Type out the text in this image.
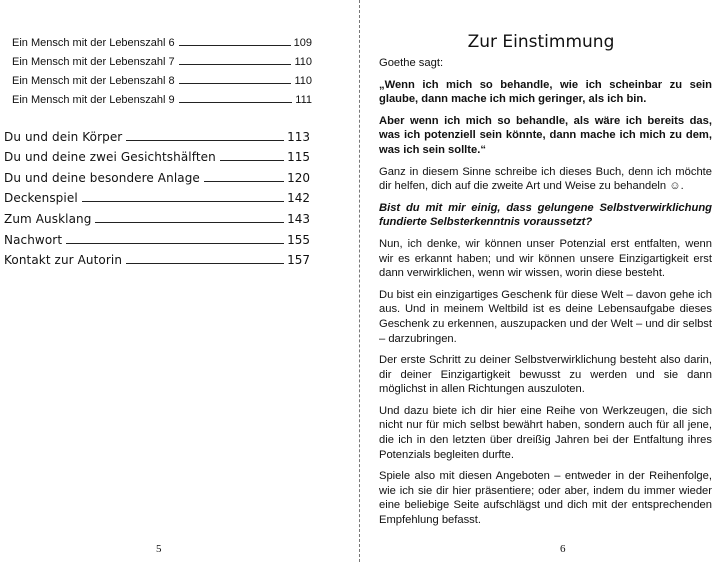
Ein Mensch mit der Lebenszahl 6	109
Ein Mensch mit der Lebenszahl 7	110
Ein Mensch mit der Lebenszahl 8	110
Ein Mensch mit der Lebenszahl 9	111
Du und dein Körper	113
Du und deine zwei Gesichtshälften	115
Du und deine besondere Anlage	120
Deckenspiel	142
Zum Ausklang	143
Nachwort	155
Kontakt zur Autorin	157
5
Zur Einstimmung

Goethe sagt:

„Wenn ich mich so behandle, wie ich scheinbar zu sein glaube, dann mache ich mich geringer, als ich bin.

Aber wenn ich mich so behandle, als wäre ich bereits das, was ich potenziell sein könnte, dann mache ich mich zu dem, was ich sein sollte.“

Ganz in diesem Sinne schreibe ich dieses Buch, denn ich möchte dir helfen, dich auf die zweite Art und Weise zu behandeln ☺.

Bist du mit mir einig, dass gelungene Selbstverwirklichung fundierte Selbsterkenntnis voraussetzt?

Nun, ich denke, wir können unser Potenzial erst entfalten, wenn wir es erkannt haben; und wir können unsere Einzigartigkeit erst dann verwirklichen, wenn wir wissen, worin diese besteht.

Du bist ein einzigartiges Geschenk für diese Welt – davon gehe ich aus. Und in meinem Weltbild ist es deine Lebensaufgabe dieses Geschenk zu erkennen, auszupacken und der Welt – und dir selbst – darzubringen.

Der erste Schritt zu deiner Selbstverwirklichung besteht also darin, dir deiner Einzigartigkeit bewusst zu werden und sie dann möglichst in allen Richtungen auszuloten.

Und dazu biete ich dir hier eine Reihe von Werkzeugen, die sich nicht nur für mich selbst bewährt haben, sondern auch für all jene, die ich in den letzten über dreißig Jahren bei der Entfaltung ihres Potenzials begleiten durfte.

Spiele also mit diesen Angeboten – entweder in der Reihenfolge, wie ich sie dir hier präsentiere; oder aber, indem du immer wieder eine beliebige Seite aufschlägst und dich mit der entsprechenden Empfehlung befasst.

6
